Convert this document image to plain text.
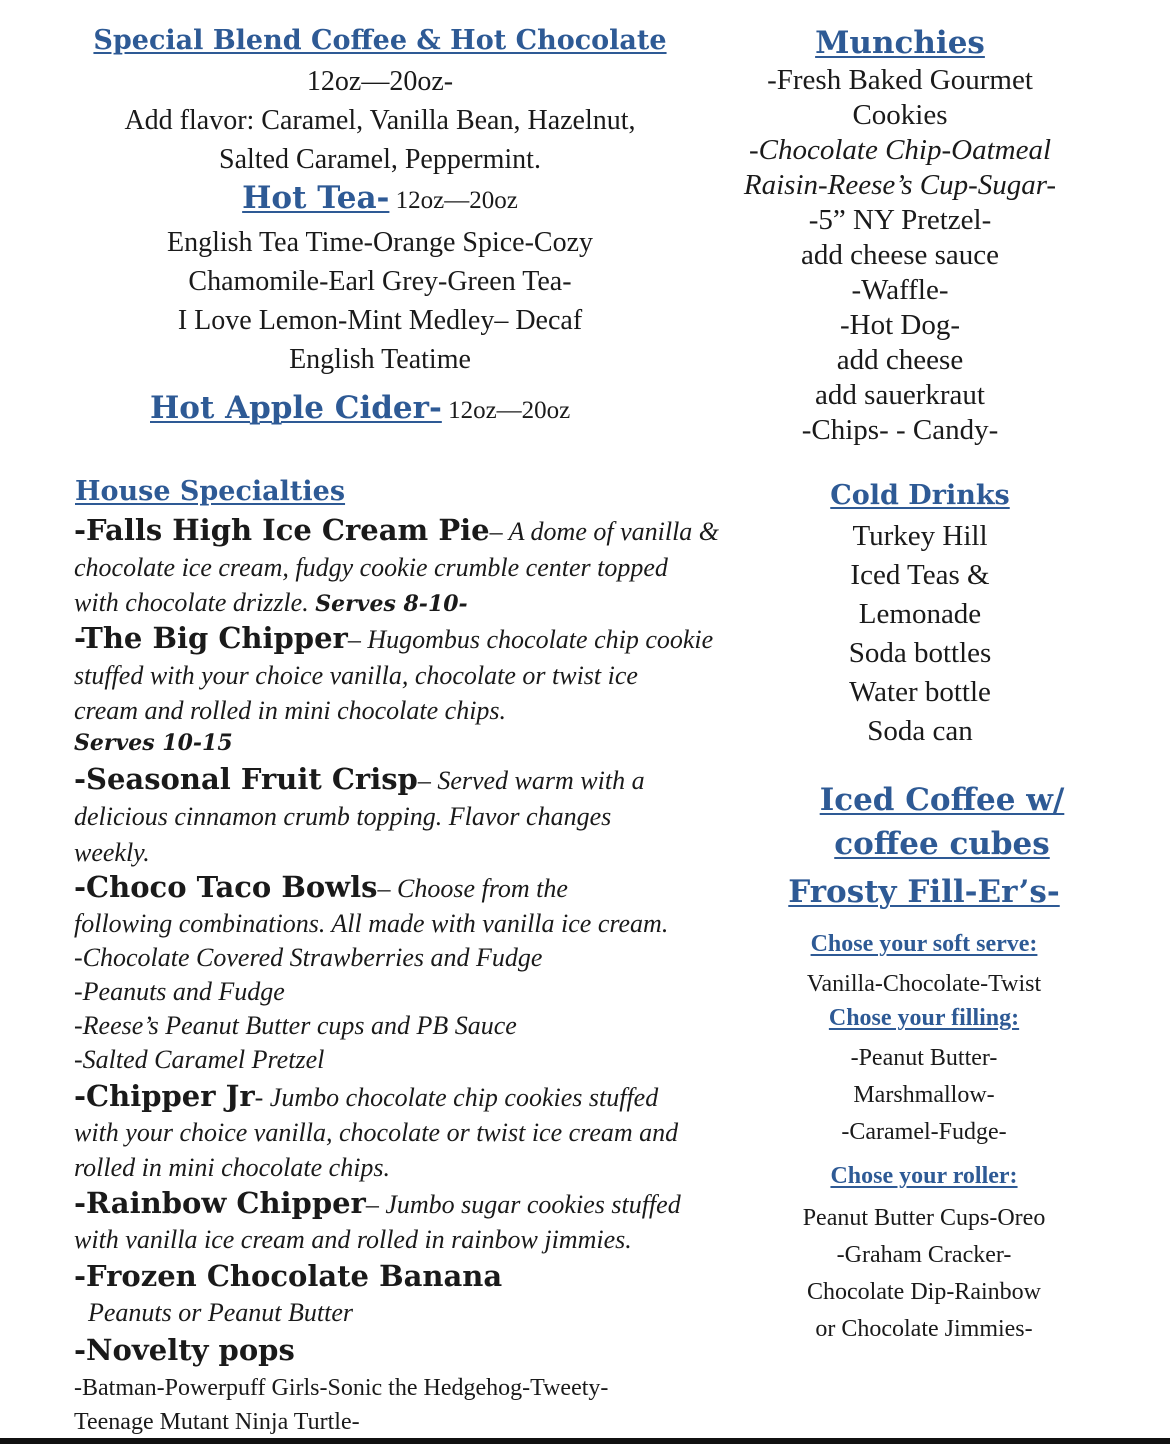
Special Blend Coffee & Hot Chocolate
12oz—20oz-
Add flavor: Caramel, Vanilla Bean, Hazelnut,
Salted Caramel, Peppermint.
Hot Tea- 12oz—20oz
English Tea Time-Orange Spice-Cozy
Chamomile-Earl Grey-Green Tea-
I Love Lemon-Mint Medley– Decaf
English Teatime
Hot Apple Cider- 12oz—20oz
House Specialties
-Falls High Ice Cream Pie– A dome of vanilla &
chocolate ice cream, fudgy cookie crumble center topped
with chocolate drizzle. Serves 8-10-
-The Big Chipper– Hugombus chocolate chip cookie
stuffed with your choice vanilla, chocolate or twist ice
cream and rolled in mini chocolate chips.
Serves 10-15
-Seasonal Fruit Crisp– Served warm with a
delicious cinnamon crumb topping. Flavor changes
weekly.
-Choco Taco Bowls– Choose from the
following combinations. All made with vanilla ice cream.
-Chocolate Covered Strawberries and Fudge
-Peanuts and Fudge
-Reese’s Peanut Butter cups and PB Sauce
-Salted Caramel Pretzel
-Chipper Jr- Jumbo chocolate chip cookies stuffed
with your choice vanilla, chocolate or twist ice cream and
rolled in mini chocolate chips.
-Rainbow Chipper– Jumbo sugar cookies stuffed
with vanilla ice cream and rolled in rainbow jimmies.
-Frozen Chocolate Banana
Peanuts or Peanut Butter
-Novelty pops
-Batman-Powerpuff Girls-Sonic the Hedgehog-Tweety-
Teenage Mutant Ninja Turtle-
Munchies
-Fresh Baked Gourmet
Cookies
-Chocolate Chip-Oatmeal
Raisin-Reese’s Cup-Sugar-
-5” NY Pretzel-
add cheese sauce
-Waffle-
-Hot Dog-
add cheese
add sauerkraut
-Chips- - Candy-
Cold Drinks
Turkey Hill
Iced Teas &
Lemonade
Soda bottles
Water bottle
Soda can
Iced Coffee w/
coffee cubes
Frosty Fill-Er’s-
Chose your soft serve:
Vanilla-Chocolate-Twist
Chose your filling:
-Peanut Butter-
Marshmallow-
-Caramel-Fudge-
Chose your roller:
Peanut Butter Cups-Oreo
-Graham Cracker-
Chocolate Dip-Rainbow
or Chocolate Jimmies-
